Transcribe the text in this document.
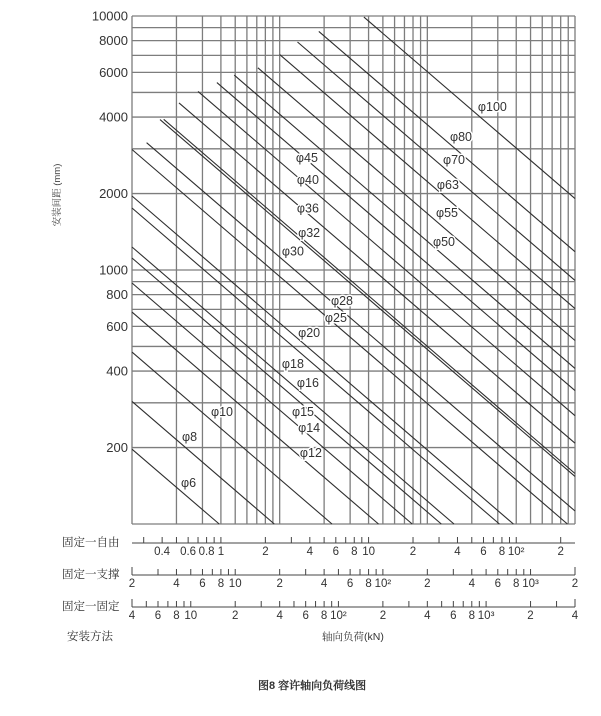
φ100
φ80
φ70
φ63
φ55
φ50
φ45
φ40
φ36
φ32
φ30
φ28
φ25
φ20
φ18
φ16
φ15
φ14
φ12
φ10
φ8
φ6
10000
8000
6000
4000
2000
1000
800
600
400
200
0.4 0.6 0.8 1	2	4 6 8 10	2	4 6 8 10²	2
2	4 6 8 10	2	4 6 8 10²	2	4 6 8 10³	2
4 6 8 10	2	4 6 8 10²	2	4 6 8 10³	2	4
安装间距 (mm)
固定一自由
固定一支撑
固定一固定
安装方法	轴向负荷(kN)
图8 容许轴向负荷线图
